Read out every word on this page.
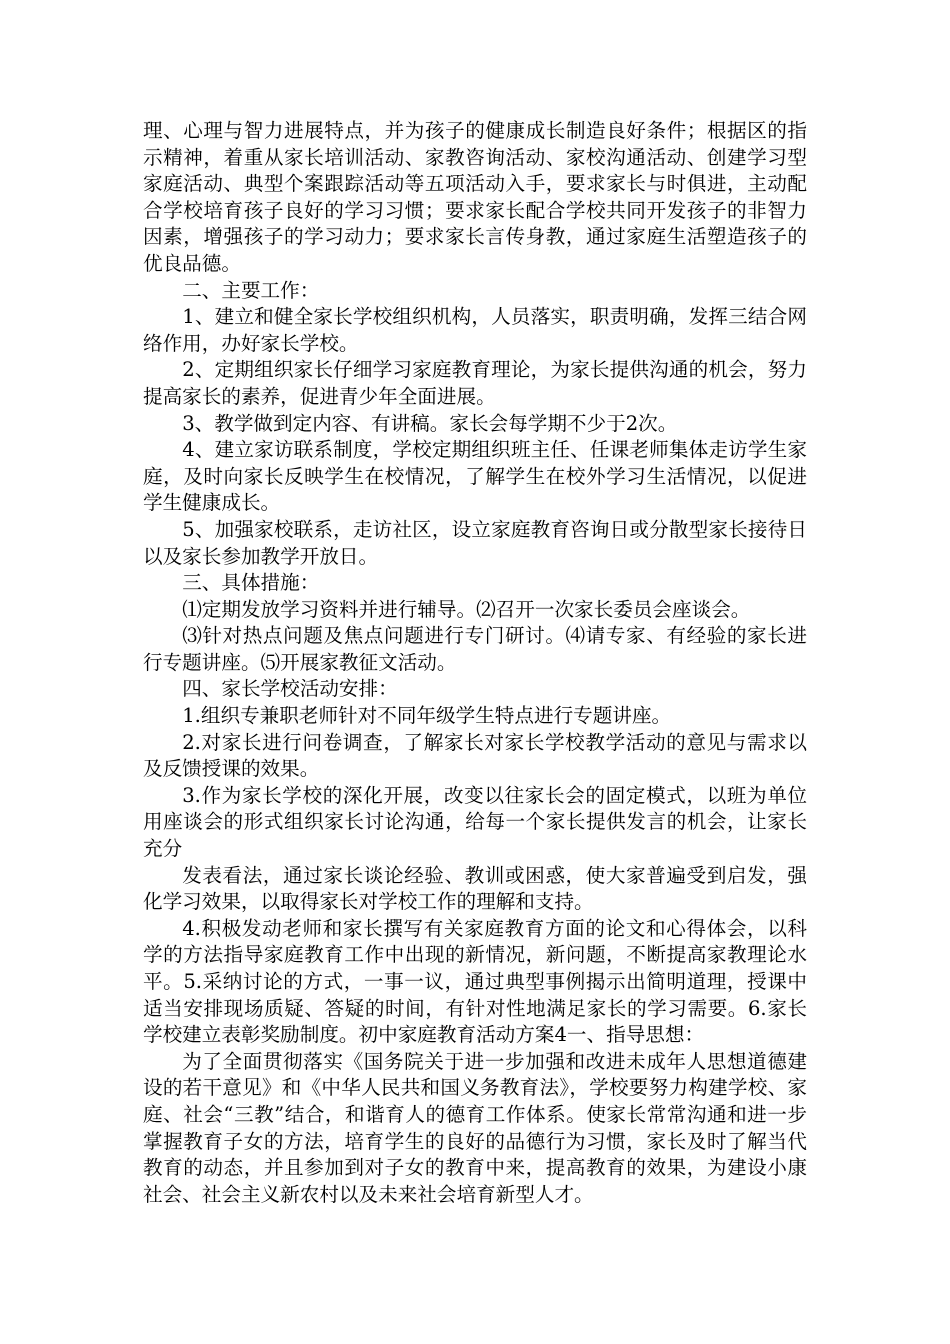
理、心理与智力进展特点，并为孩子的健康成长制造良好条件；根据区的指示精神，着重从家长培训活动、家教咨询活动、家校沟通活动、创建学习型家庭活动、典型个案跟踪活动等五项活动入手，要求家长与时俱进，主动配合学校培育孩子良好的学习习惯；要求家长配合学校共同开发孩子的非智力因素，增强孩子的学习动力；要求家长言传身教，通过家庭生活塑造孩子的优良品德。

二、主要工作：

1、建立和健全家长学校组织机构，人员落实，职责明确，发挥三结合网络作用，办好家长学校。

2、定期组织家长仔细学习家庭教育理论，为家长提供沟通的机会，努力提高家长的素养，促进青少年全面进展。

3、教学做到定内容、有讲稿。家长会每学期不少于2次。

4、建立家访联系制度，学校定期组织班主任、任课老师集体走访学生家庭，及时向家长反映学生在校情况，了解学生在校外学习生活情况，以促进学生健康成长。

5、加强家校联系，走访社区，设立家庭教育咨询日或分散型家长接待日以及家长参加教学开放日。

三、具体措施：

⑴定期发放学习资料并进行辅导。⑵召开一次家长委员会座谈会。

⑶针对热点问题及焦点问题进行专门研讨。⑷请专家、有经验的家长进行专题讲座。⑸开展家教征文活动。

四、家长学校活动安排：

1.组织专兼职老师针对不同年级学生特点进行专题讲座。

2.对家长进行问卷调查，了解家长对家长学校教学活动的意见与需求以及反馈授课的效果。

3.作为家长学校的深化开展，改变以往家长会的固定模式，以班为单位用座谈会的形式组织家长讨论沟通，给每一个家长提供发言的机会，让家长充分

发表看法，通过家长谈论经验、教训或困惑，使大家普遍受到启发，强化学习效果，以取得家长对学校工作的理解和支持。

4.积极发动老师和家长撰写有关家庭教育方面的论文和心得体会，以科学的方法指导家庭教育工作中出现的新情况，新问题，不断提高家教理论水平。5.采纳讨论的方式，一事一议，通过典型事例揭示出简明道理，授课中适当安排现场质疑、答疑的时间，有针对性地满足家长的学习需要。6.家长学校建立表彰奖励制度。初中家庭教育活动方案4一、指导思想：

为了全面贯彻落实《国务院关于进一步加强和改进未成年人思想道德建设的若干意见》和《中华人民共和国义务教育法》，学校要努力构建学校、家庭、社会“三教”结合，和谐育人的德育工作体系。使家长常常沟通和进一步掌握教育子女的方法，培育学生的良好的品德行为习惯，家长及时了解当代教育的动态，并且参加到对子女的教育中来，提高教育的效果，为建设小康社会、社会主义新农村以及未来社会培育新型人才。
